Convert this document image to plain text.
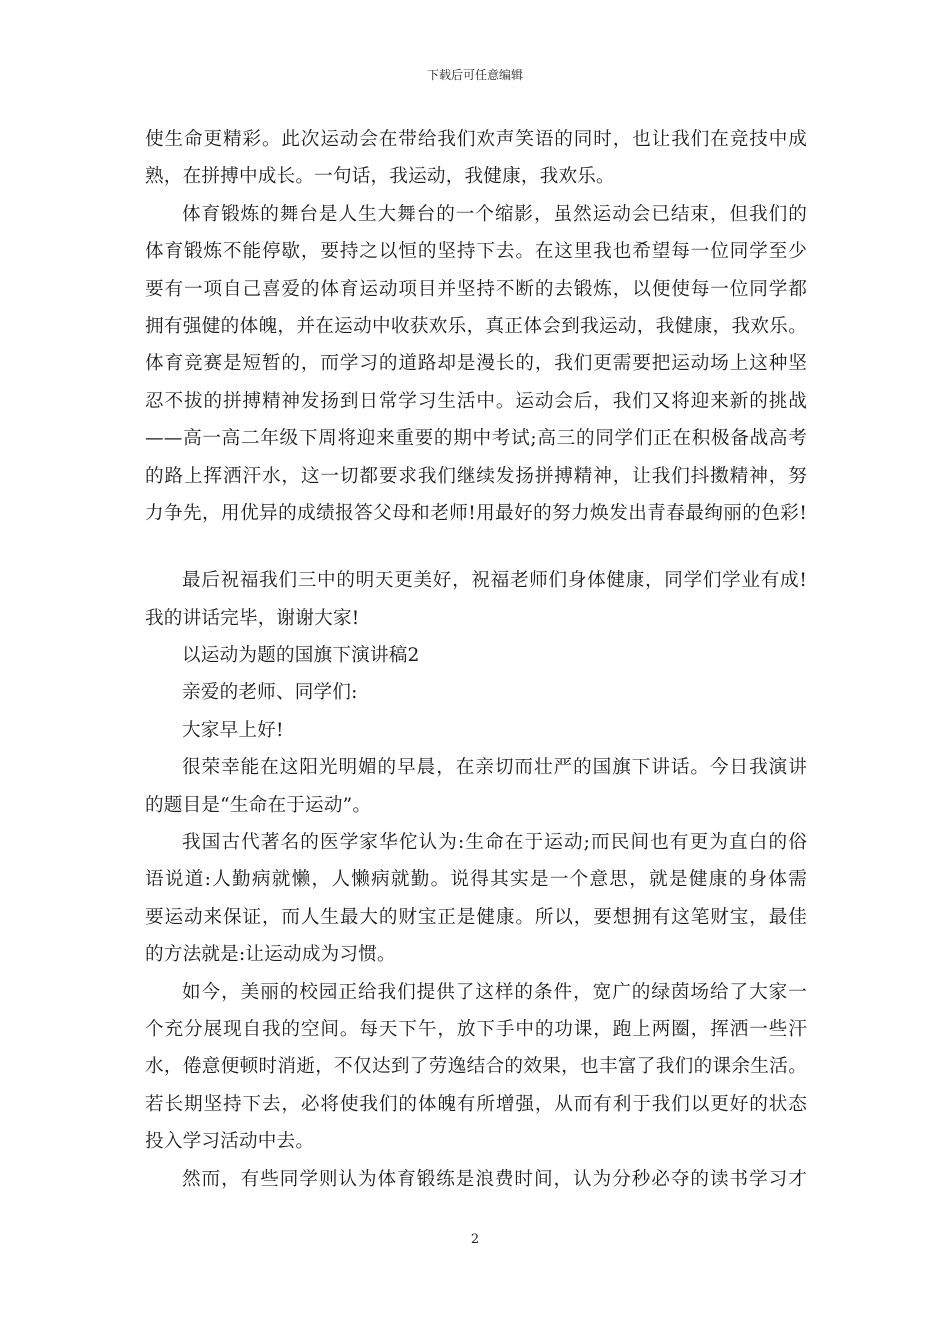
下载后可任意编辑
使生命更精彩。此次运动会在带给我们欢声笑语的同时，也让我们在竞技中成
熟，在拼搏中成长。一句话，我运动，我健康，我欢乐。
体育锻炼的舞台是人生大舞台的一个缩影，虽然运动会已结束，但我们的
体育锻炼不能停歇，要持之以恒的坚持下去。在这里我也希望每一位同学至少
要有一项自己喜爱的体育运动项目并坚持不断的去锻炼，以便使每一位同学都
拥有强健的体魄，并在运动中收获欢乐，真正体会到我运动，我健康，我欢乐。
体育竞赛是短暂的，而学习的道路却是漫长的，我们更需要把运动场上这种坚
忍不拔的拼搏精神发扬到日常学习生活中。运动会后，我们又将迎来新的挑战
——高一高二年级下周将迎来重要的期中考试;高三的同学们正在积极备战高考
的路上挥洒汗水，这一切都要求我们继续发扬拼搏精神，让我们抖擞精神，努
力争先，用优异的成绩报答父母和老师!用最好的努力焕发出青春最绚丽的色彩!
最后祝福我们三中的明天更美好，祝福老师们身体健康，同学们学业有成!
我的讲话完毕，谢谢大家!
以运动为题的国旗下演讲稿2
亲爱的老师、同学们:
大家早上好!
很荣幸能在这阳光明媚的早晨，在亲切而壮严的国旗下讲话。今日我演讲
的题目是“生命在于运动”。
我国古代著名的医学家华佗认为:生命在于运动;而民间也有更为直白的俗
语说道:人勤病就懒，人懒病就勤。说得其实是一个意思，就是健康的身体需
要运动来保证，而人生最大的财宝正是健康。所以，要想拥有这笔财宝，最佳
的方法就是:让运动成为习惯。
如今，美丽的校园正给我们提供了这样的条件，宽广的绿茵场给了大家一
个充分展现自我的空间。每天下午，放下手中的功课，跑上两圈，挥洒一些汗
水，倦意便顿时消逝，不仅达到了劳逸结合的效果，也丰富了我们的课余生活。
若长期坚持下去，必将使我们的体魄有所增强，从而有利于我们以更好的状态
投入学习活动中去。
然而，有些同学则认为体育锻练是浪费时间，认为分秒必夺的读书学习才
2
